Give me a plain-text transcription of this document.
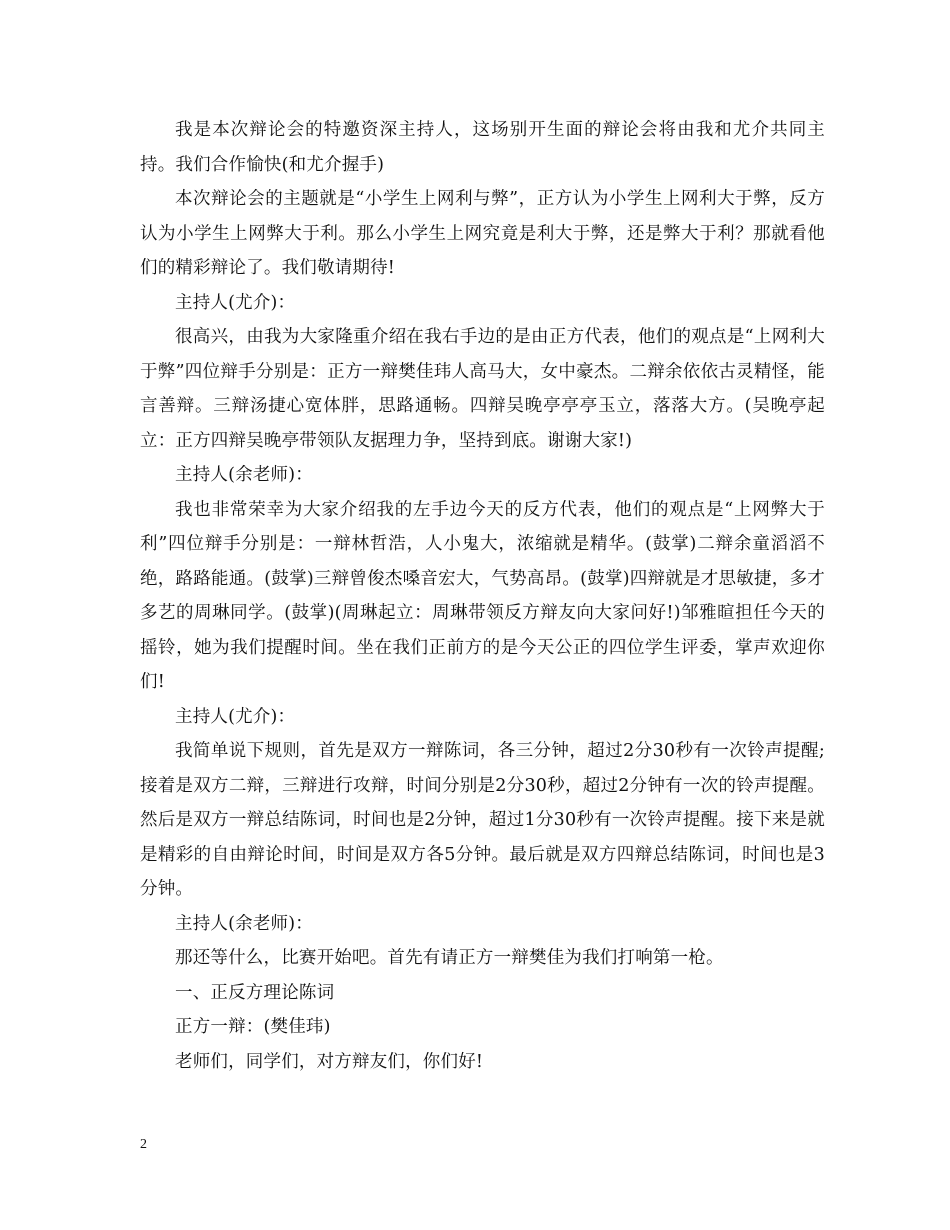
我是本次辩论会的特邀资深主持人，这场别开生面的辩论会将由我和尤介共同主持。我们合作愉快(和尤介握手)

本次辩论会的主题就是“小学生上网利与弊”，正方认为小学生上网利大于弊，反方认为小学生上网弊大于利。那么小学生上网究竟是利大于弊，还是弊大于利？那就看他们的精彩辩论了。我们敬请期待!

主持人(尤介)：

很高兴，由我为大家隆重介绍在我右手边的是由正方代表，他们的观点是“上网利大于弊”四位辩手分别是：正方一辩樊佳玮人高马大，女中豪杰。二辩余依依古灵精怪，能言善辩。三辩汤捷心宽体胖，思路通畅。四辩吴晚亭亭亭玉立，落落大方。(吴晚亭起立：正方四辩吴晚亭带领队友据理力争，坚持到底。谢谢大家!)

主持人(余老师)：

我也非常荣幸为大家介绍我的左手边今天的反方代表，他们的观点是“上网弊大于利”四位辩手分别是：一辩林哲浩，人小鬼大，浓缩就是精华。(鼓掌)二辩余童滔滔不绝，路路能通。(鼓掌)三辩曾俊杰嗓音宏大，气势高昂。(鼓掌)四辩就是才思敏捷，多才多艺的周琳同学。(鼓掌)(周琳起立：周琳带领反方辩友向大家问好!)邹雅暄担任今天的摇铃，她为我们提醒时间。坐在我们正前方的是今天公正的四位学生评委，掌声欢迎你们!

主持人(尤介)：

我简单说下规则，首先是双方一辩陈词，各三分钟，超过2分30秒有一次铃声提醒;接着是双方二辩，三辩进行攻辩，时间分别是2分30秒，超过2分钟有一次的铃声提醒。然后是双方一辩总结陈词，时间也是2分钟，超过1分30秒有一次铃声提醒。接下来是就是精彩的自由辩论时间，时间是双方各5分钟。最后就是双方四辩总结陈词，时间也是3分钟。

主持人(余老师)：

那还等什么，比赛开始吧。首先有请正方一辩樊佳为我们打响第一枪。

一、正反方理论陈词

正方一辩：(樊佳玮)

老师们，同学们，对方辩友们，你们好!

2
